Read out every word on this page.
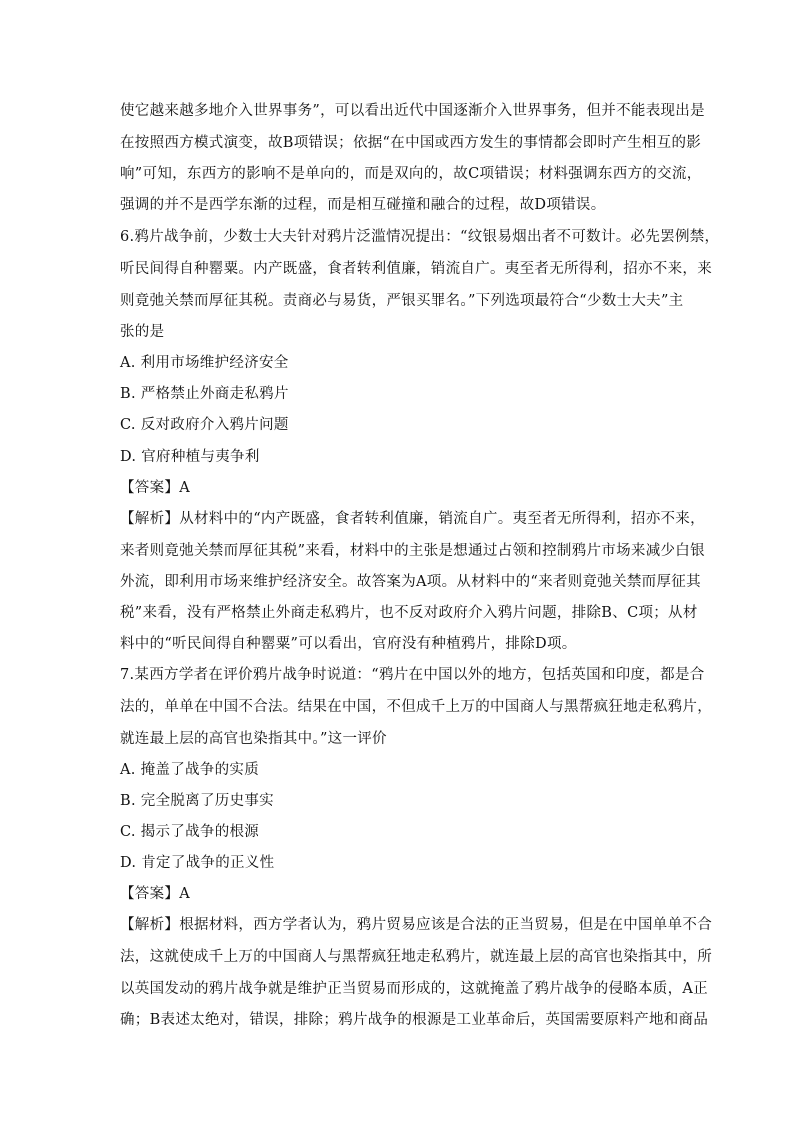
使它越来越多地介入世界事务”，可以看出近代中国逐渐介入世界事务，但并不能表现出是
在按照西方模式演变，故B项错误；依据“在中国或西方发生的事情都会即时产生相互的影
响”可知，东西方的影响不是单向的，而是双向的，故C项错误；材料强调东西方的交流，
强调的并不是西学东渐的过程，而是相互碰撞和融合的过程，故D项错误。
6.鸦片战争前，少数士大夫针对鸦片泛滥情况提出：“纹银易烟出者不可数计。必先罢例禁，
听民间得自种罂粟。内产既盛，食者转利值廉，销流自广。夷至者无所得利，招亦不来，来
则竟弛关禁而厚征其税。责商必与易货，严银买罪名。”下列选项最符合“少数士大夫”主
张的是
A. 利用市场维护经济安全
B. 严格禁止外商走私鸦片
C. 反对政府介入鸦片问题
D. 官府种植与夷争利
【答案】A
【解析】从材料中的“内产既盛，食者转利值廉，销流自广。夷至者无所得利，招亦不来，
来者则竟弛关禁而厚征其税”来看，材料中的主张是想通过占领和控制鸦片市场来减少白银
外流，即利用市场来维护经济安全。故答案为A项。从材料中的“来者则竟弛关禁而厚征其
税”来看，没有严格禁止外商走私鸦片，也不反对政府介入鸦片问题，排除B、C项；从材
料中的“听民间得自种罂粟”可以看出，官府没有种植鸦片，排除D项。
7.某西方学者在评价鸦片战争时说道：“鸦片在中国以外的地方，包括英国和印度，都是合
法的，单单在中国不合法。结果在中国，不但成千上万的中国商人与黑帮疯狂地走私鸦片，
就连最上层的高官也染指其中。”这一评价
A. 掩盖了战争的实质
B. 完全脱离了历史事实
C. 揭示了战争的根源
D. 肯定了战争的正义性
【答案】A
【解析】根据材料，西方学者认为，鸦片贸易应该是合法的正当贸易，但是在中国单单不合
法，这就使成千上万的中国商人与黑帮疯狂地走私鸦片，就连最上层的高官也染指其中，所
以英国发动的鸦片战争就是维护正当贸易而形成的，这就掩盖了鸦片战争的侵略本质，A正
确；B表述太绝对，错误，排除；鸦片战争的根源是工业革命后，英国需要原料产地和商品
